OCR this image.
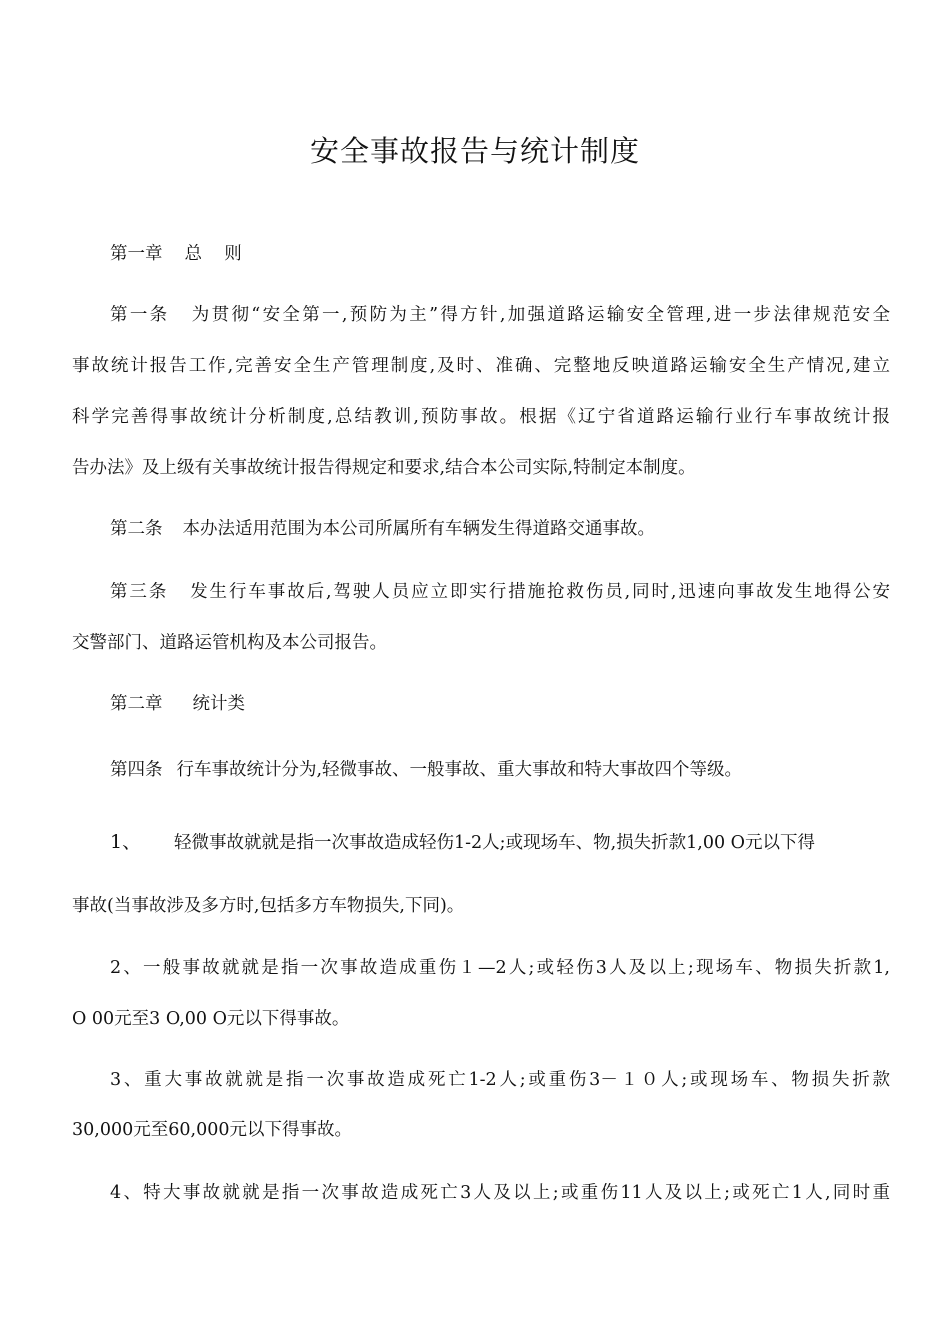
安全事故报告与统计制度
第一章 总    则
第一条 为贯彻“安全第一,预防为主”得方针,加强道路运输安全管理,进一步法律规范安全
事故统计报告工作,完善安全生产管理制度,及时、准确、完整地反映道路运输安全生产情况,建立
科学完善得事故统计分析制度,总结教训,预防事故。根据《辽宁省道路运输行业行车事故统计报
告办法》及上级有关事故统计报告得规定和要求,结合本公司实际,特制定本制度。
第二条 本办法适用范围为本公司所属所有车辆发生得道路交通事故。
第三条 发生行车事故后,驾驶人员应立即实行措施抢救伤员,同时,迅速向事故发生地得公安
交警部门、道路运管机构及本公司报告。
第二章 统计类
第四条 行车事故统计分为,轻微事故、一般事故、重大事故和特大事故四个等级。
1、 轻微事故就就是指一次事故造成轻伤1-2人;或现场车、物,损失折款1,00 O元以下得
事故(当事故涉及多方时,包括多方车物损失,下同)。
2、一般事故就就是指一次事故造成重伤１—2人;或轻伤3人及以上;现场车、物损失折款1,
O 00元至3 O,00 O元以下得事故。
3、重大事故就就是指一次事故造成死亡1-2人;或重伤3－１０人;或现场车、物损失折款
30,000元至60,000元以下得事故。
4、特大事故就就是指一次事故造成死亡3人及以上;或重伤11人及以上;或死亡1人,同时重
